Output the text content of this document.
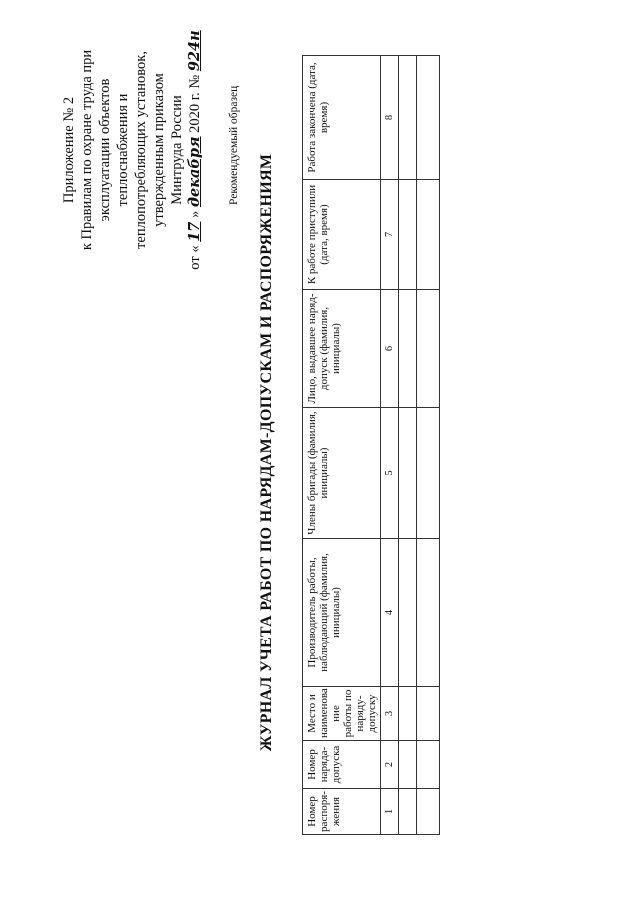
Приложение № 2 к Правилам по охране труда при эксплуатации объектов теплоснабжения и теплопотребляющих установок, утвержденным приказом Минтруда России
от « 17 » декабря 2020 г. № 924н
Рекомендуемый образец
ЖУРНАЛ УЧЕТА РАБОТ ПО НАРЯДАМ-ДОПУСКАМ И РАСПОРЯЖЕНИЯМ
Номер распоря-жения	Номер наряда-допуска	Место и наименова ние работы по наряду-допуску	Производитель работы, наблюдающий (фамилия, инициалы)	Члены бригады (фамилия, инициалы)	Лицо, выдавшее наряд-допуск (фамилия, инициалы)	К работе приступили (дата, время)	Работа закончена (дата, время)
1	2	3	4	5	6	7	8
